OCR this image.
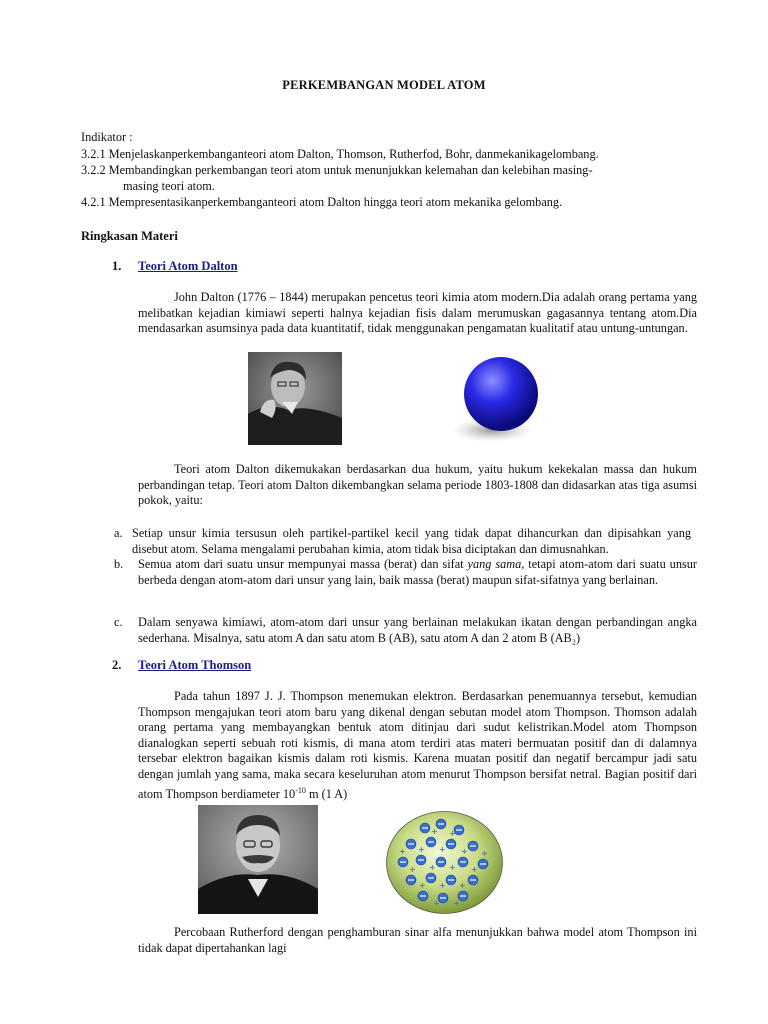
PERKEMBANGAN MODEL ATOM
Indikator :
3.2.1 Menjelaskanperkembanganteori atom Dalton, Thomson, Rutherfod, Bohr, danmekanikagelombang.
3.2.2 Membandingkan perkembangan teori atom untuk menunjukkan kelemahan dan kelebihan masing-
masing teori atom.
4.2.1 Mempresentasikanperkembanganteori atom Dalton hingga teori atom mekanika gelombang.
Ringkasan Materi
1. Teori Atom Dalton

John Dalton (1776 – 1844) merupakan pencetus teori kimia atom modern.Dia adalah orang pertama yang melibatkan kejadian kimiawi seperti halnya kejadian fisis dalam merumuskan gagasannya tentang atom.Dia mendasarkan asumsinya pada data kuantitatif, tidak menggunakan pengamatan kualitatif atau untung-untungan.

Teori atom Dalton dikemukakan berdasarkan dua hukum, yaitu hukum kekekalan massa dan hukum perbandingan tetap. Teori atom Dalton dikembangkan selama periode 1803-1808 dan didasarkan atas tiga asumsi pokok, yaitu:

a. Setiap unsur kimia tersusun oleh partikel-partikel kecil yang tidak dapat dihancurkan dan dipisahkan yang disebut atom. Selama mengalami perubahan kimia, atom tidak bisa diciptakan dan dimusnahkan.
b. Semua atom dari suatu unsur mempunyai massa (berat) dan sifat yang sama, tetapi atom-atom dari suatu unsur berbeda dengan atom-atom dari unsur yang lain, baik massa (berat) maupun sifat-sifatnya yang berlainan.
c. Dalam senyawa kimiawi, atom-atom dari unsur yang berlainan melakukan ikatan dengan perbandingan angka sederhana. Misalnya, satu atom A dan satu atom B (AB), satu atom A dan 2 atom B (AB₂)
2. Teori Atom Thomson

Pada tahun 1897 J. J. Thompson menemukan elektron. Berdasarkan penemuannya tersebut, kemudian Thompson mengajukan teori atom baru yang dikenal dengan sebutan model atom Thompson. Thomson adalah orang pertama yang membayangkan bentuk atom ditinjau dari sudut kelistrikan.Model atom Thompson dianalogkan seperti sebuah roti kismis, di mana atom terdiri atas materi bermuatan positif dan di dalamnya tersebar elektron bagaikan kismis dalam roti kismis. Karena muatan positif dan negatif bercampur jadi satu dengan jumlah yang sama, maka secara keseluruhan atom menurut Thompson bersifat netral. Bagian positif dari atom Thompson berdiameter $10^{-10}$ m (1 A)

+ +
+ + +
+ + + +
+ + +
+
+
+ +

Percobaan Rutherford dengan penghamburan sinar alfa menunjukkan bahwa model atom Thompson ini tidak dapat dipertahankan lagi
